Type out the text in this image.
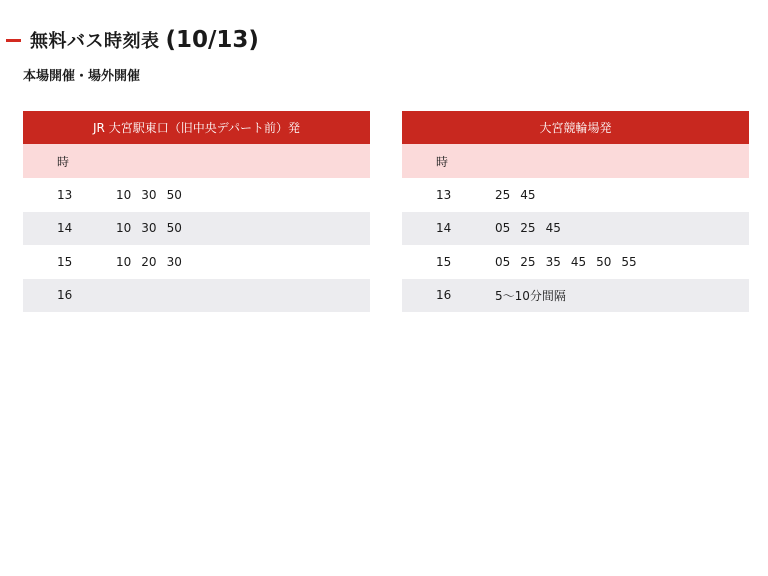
無料バス時刻表 (10/13)
本場開催・場外開催
JR 大宮駅東口（旧中央デパート前）発
時
13	10 30 50
14	10 30 50
15	10 20 30
16
大宮競輪場発
時
13	25 45
14	05 25 45
15	05 25 35 45 50 55
16	5〜10分間隔
